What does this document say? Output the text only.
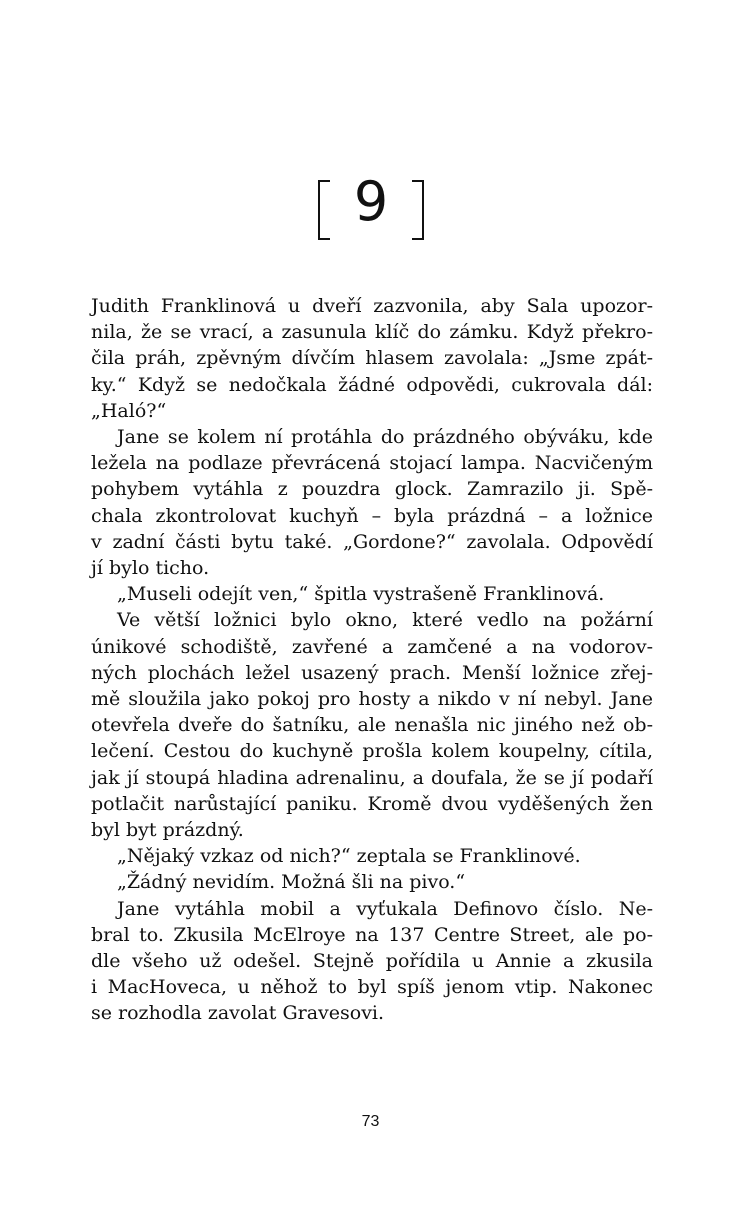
9
Judith Franklinová u dveří zazvonila, aby Sala upozor-
nila, že se vrací, a zasunula klíč do zámku. Když překro-
čila práh, zpěvným dívčím hlasem zavolala: „Jsme zpát-
ky.“ Když se nedočkala žádné odpovědi, cukrovala dál:
„Haló?“
Jane se kolem ní protáhla do prázdného obýváku, kde
ležela na podlaze převrácená stojací lampa. Nacvičeným
pohybem vytáhla z pouzdra glock. Zamrazilo ji. Spě-
chala zkontrolovat kuchyň – byla prázdná – a ložnice
v zadní části bytu také. „Gordone?“ zavolala. Odpovědí
jí bylo ticho.
„Museli odejít ven,“ špitla vystrašeně Franklinová.
Ve větší ložnici bylo okno, které vedlo na požární
únikové schodiště, zavřené a zamčené a na vodorov-
ných plochách ležel usazený prach. Menší ložnice zřej-
mě sloužila jako pokoj pro hosty a nikdo v ní nebyl. Jane
otevřela dveře do šatníku, ale nenašla nic jiného než ob-
lečení. Cestou do kuchyně prošla kolem koupelny, cítila,
jak jí stoupá hladina adrenalinu, a doufala, že se jí podaří
potlačit narůstající paniku. Kromě dvou vyděšených žen
byl byt prázdný.
„Nějaký vzkaz od nich?“ zeptala se Franklinové.
„Žádný nevidím. Možná šli na pivo.“
Jane vytáhla mobil a vyťukala Definovo číslo. Ne-
bral to. Zkusila McElroye na 137 Centre Street, ale po-
dle všeho už odešel. Stejně pořídila u Annie a zkusila
i MacHoveca, u něhož to byl spíš jenom vtip. Nakonec
se rozhodla zavolat Gravesovi.
73
